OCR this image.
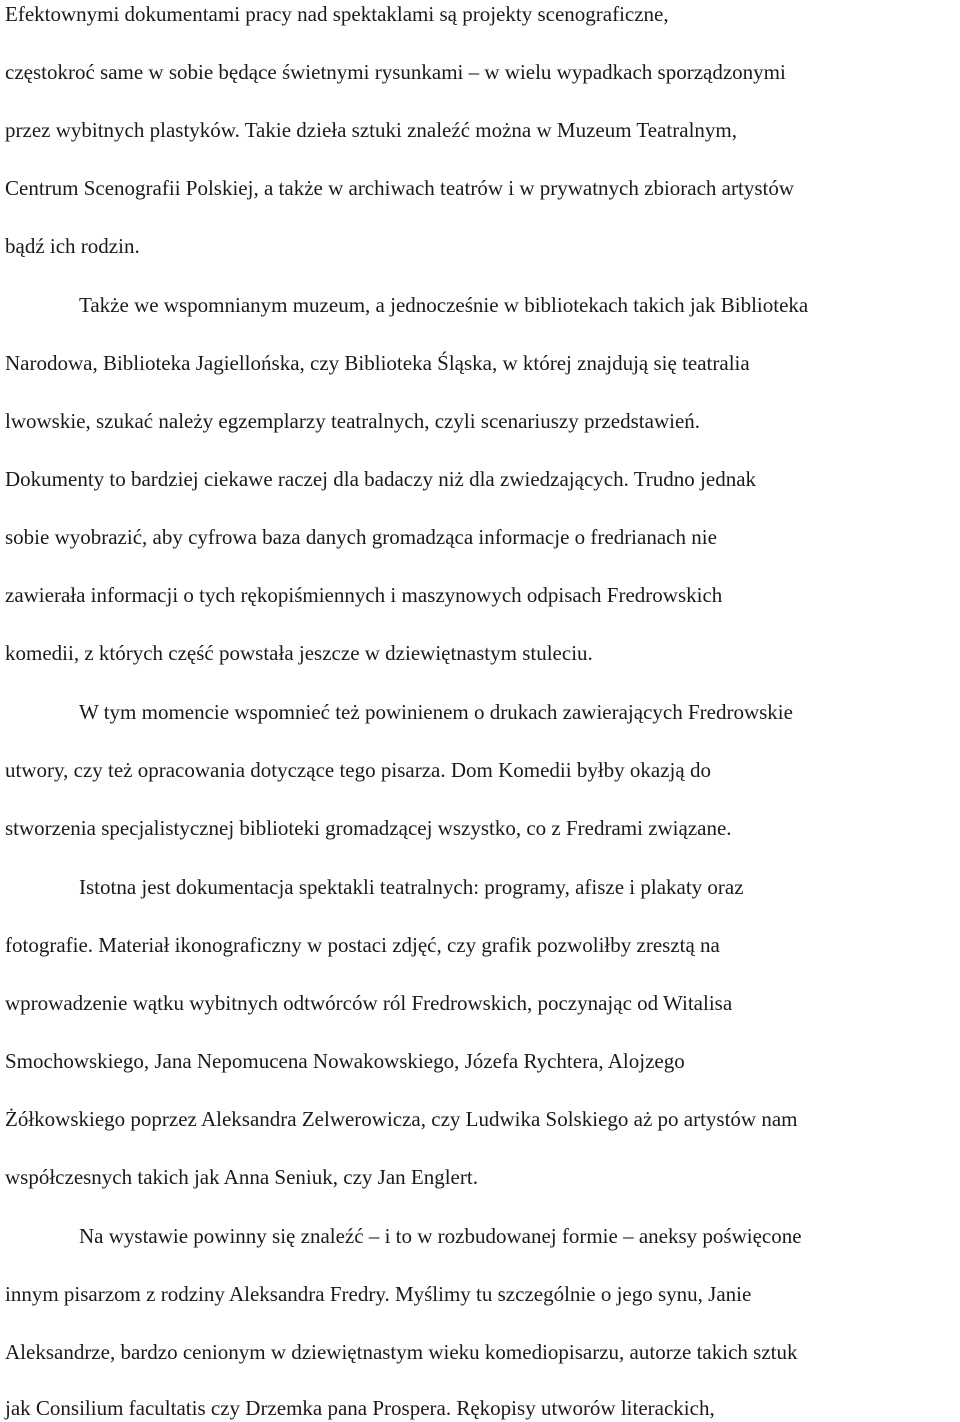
Efektownymi dokumentami pracy nad spektaklami są projekty scenograficzne,
częstokroć same w sobie będące świetnymi rysunkami – w wielu wypadkach sporządzonymi
przez wybitnych plastyków. Takie dzieła sztuki znaleźć można w Muzeum Teatralnym,
Centrum Scenografii Polskiej, a także w archiwach teatrów i w prywatnych zbiorach artystów
bądź ich rodzin.
Także we wspomnianym muzeum, a jednocześnie w bibliotekach takich jak Biblioteka
Narodowa, Biblioteka Jagiellońska, czy Biblioteka Śląska, w której znajdują się teatralia
lwowskie, szukać należy egzemplarzy teatralnych, czyli scenariuszy przedstawień.
Dokumenty to bardziej ciekawe raczej dla badaczy niż dla zwiedzających. Trudno jednak
sobie wyobrazić, aby cyfrowa baza danych gromadząca informacje o fredrianach nie
zawierała informacji o tych rękopiśmiennych i maszynowych odpisach Fredrowskich
komedii, z których część powstała jeszcze w dziewiętnastym stuleciu.
W tym momencie wspomnieć też powinienem o drukach zawierających Fredrowskie
utwory, czy też opracowania dotyczące tego pisarza. Dom Komedii byłby okazją do
stworzenia specjalistycznej biblioteki gromadzącej wszystko, co z Fredrami związane.
Istotna jest dokumentacja spektakli teatralnych: programy, afisze i plakaty oraz
fotografie. Materiał ikonograficzny w postaci zdjęć, czy grafik pozwoliłby zresztą na
wprowadzenie wątku wybitnych odtwórców ról Fredrowskich, poczynając od Witalisa
Smochowskiego, Jana Nepomucena Nowakowskiego, Józefa Rychtera, Alojzego
Żółkowskiego poprzez Aleksandra Zelwerowicza, czy Ludwika Solskiego aż po artystów nam
współczesnych takich jak Anna Seniuk, czy Jan Englert.
Na wystawie powinny się znaleźć – i to w rozbudowanej formie – aneksy poświęcone
innym pisarzom z rodziny Aleksandra Fredry. Myślimy tu szczególnie o jego synu, Janie
Aleksandrze, bardzo cenionym w dziewiętnastym wieku komediopisarzu, autorze takich sztuk
jak Consilium facultatis czy Drzemka pana Prospera. Rękopisy utworów literackich,
